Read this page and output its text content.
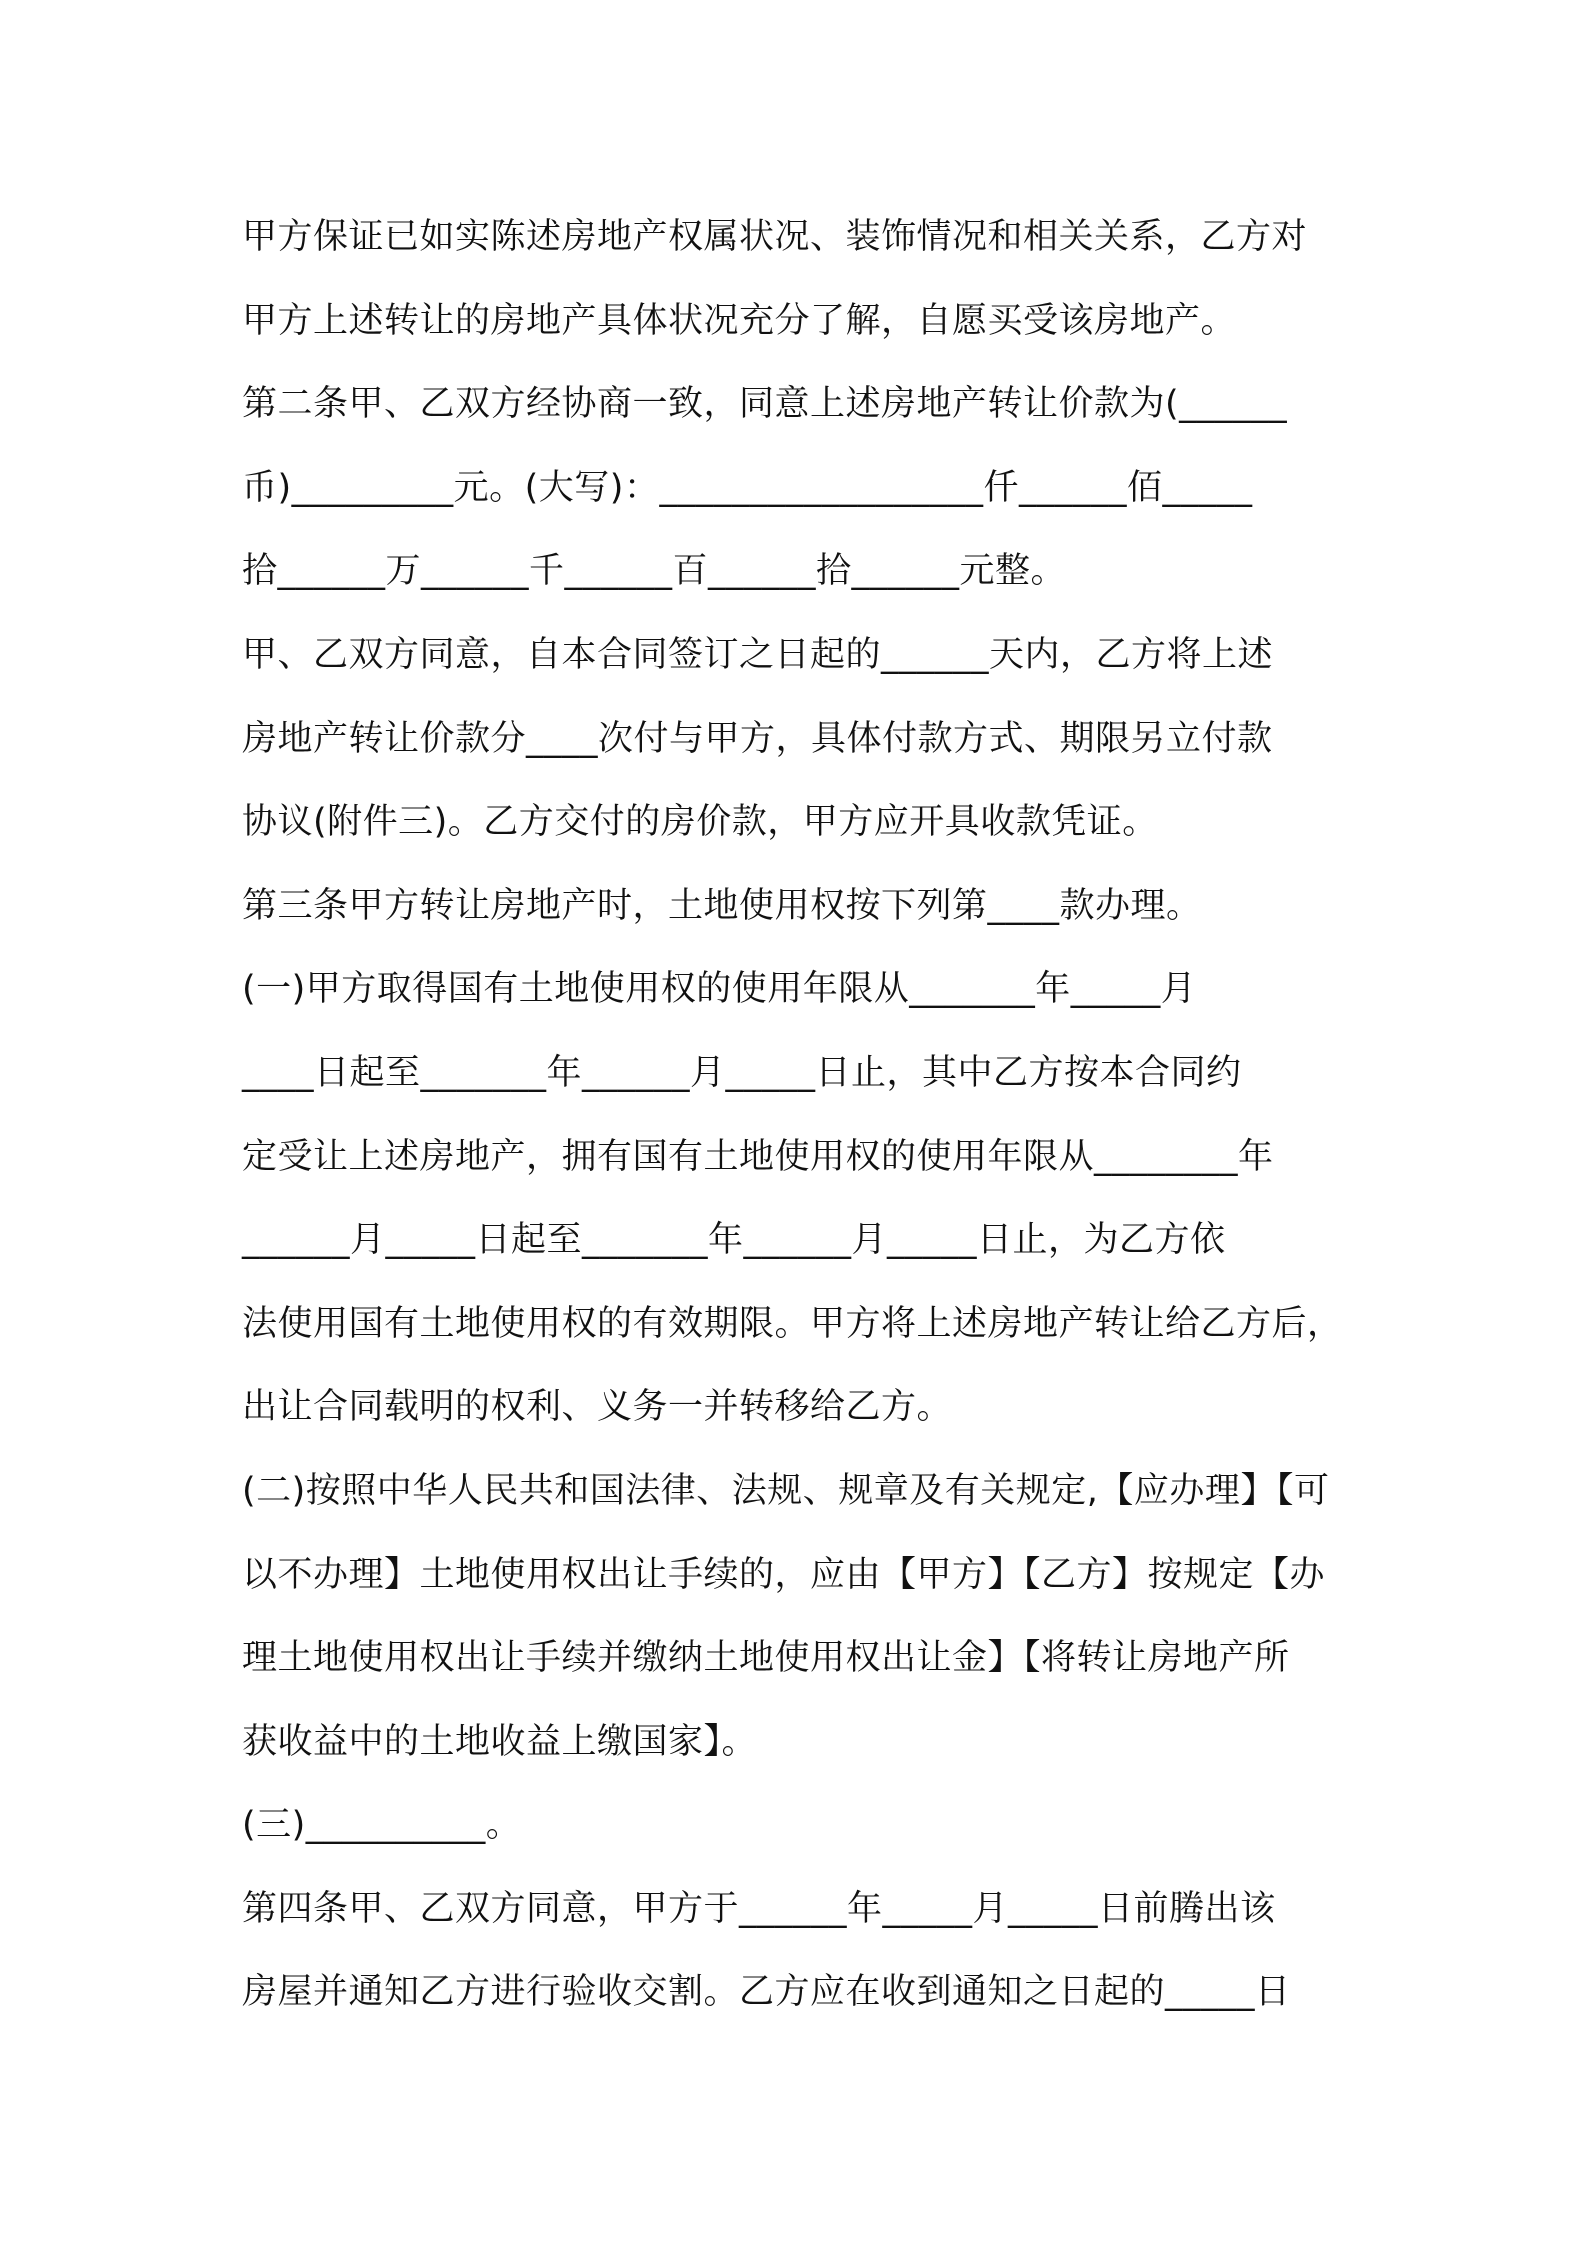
甲方保证已如实陈述房地产权属状况、装饰情况和相关关系，乙方对
甲方上述转让的房地产具体状况充分了解，自愿买受该房地产。
第二条甲、乙双方经协商一致，同意上述房地产转让价款为(______
币)_________元。(大写)：__________________仟______佰_____
拾______万______千______百______拾______元整。
甲、乙双方同意，自本合同签订之日起的______天内，乙方将上述
房地产转让价款分____次付与甲方，具体付款方式、期限另立付款
协议(附件三)。乙方交付的房价款，甲方应开具收款凭证。
第三条甲方转让房地产时，土地使用权按下列第____款办理。
(一)甲方取得国有土地使用权的使用年限从_______年_____月
____日起至_______年______月_____日止，其中乙方按本合同约
定受让上述房地产，拥有国有土地使用权的使用年限从________年
______月_____日起至_______年______月_____日止，为乙方依
法使用国有土地使用权的有效期限。甲方将上述房地产转让给乙方后，
出让合同载明的权利、义务一并转移给乙方。
(二)按照中华人民共和国法律、法规、规章及有关规定,【应办理】【可
以不办理】土地使用权出让手续的，应由【甲方】【乙方】按规定【办
理土地使用权出让手续并缴纳土地使用权出让金】【将转让房地产所
获收益中的土地收益上缴国家】。
(三)__________。
第四条甲、乙双方同意，甲方于______年_____月_____日前腾出该
房屋并通知乙方进行验收交割。乙方应在收到通知之日起的_____日
